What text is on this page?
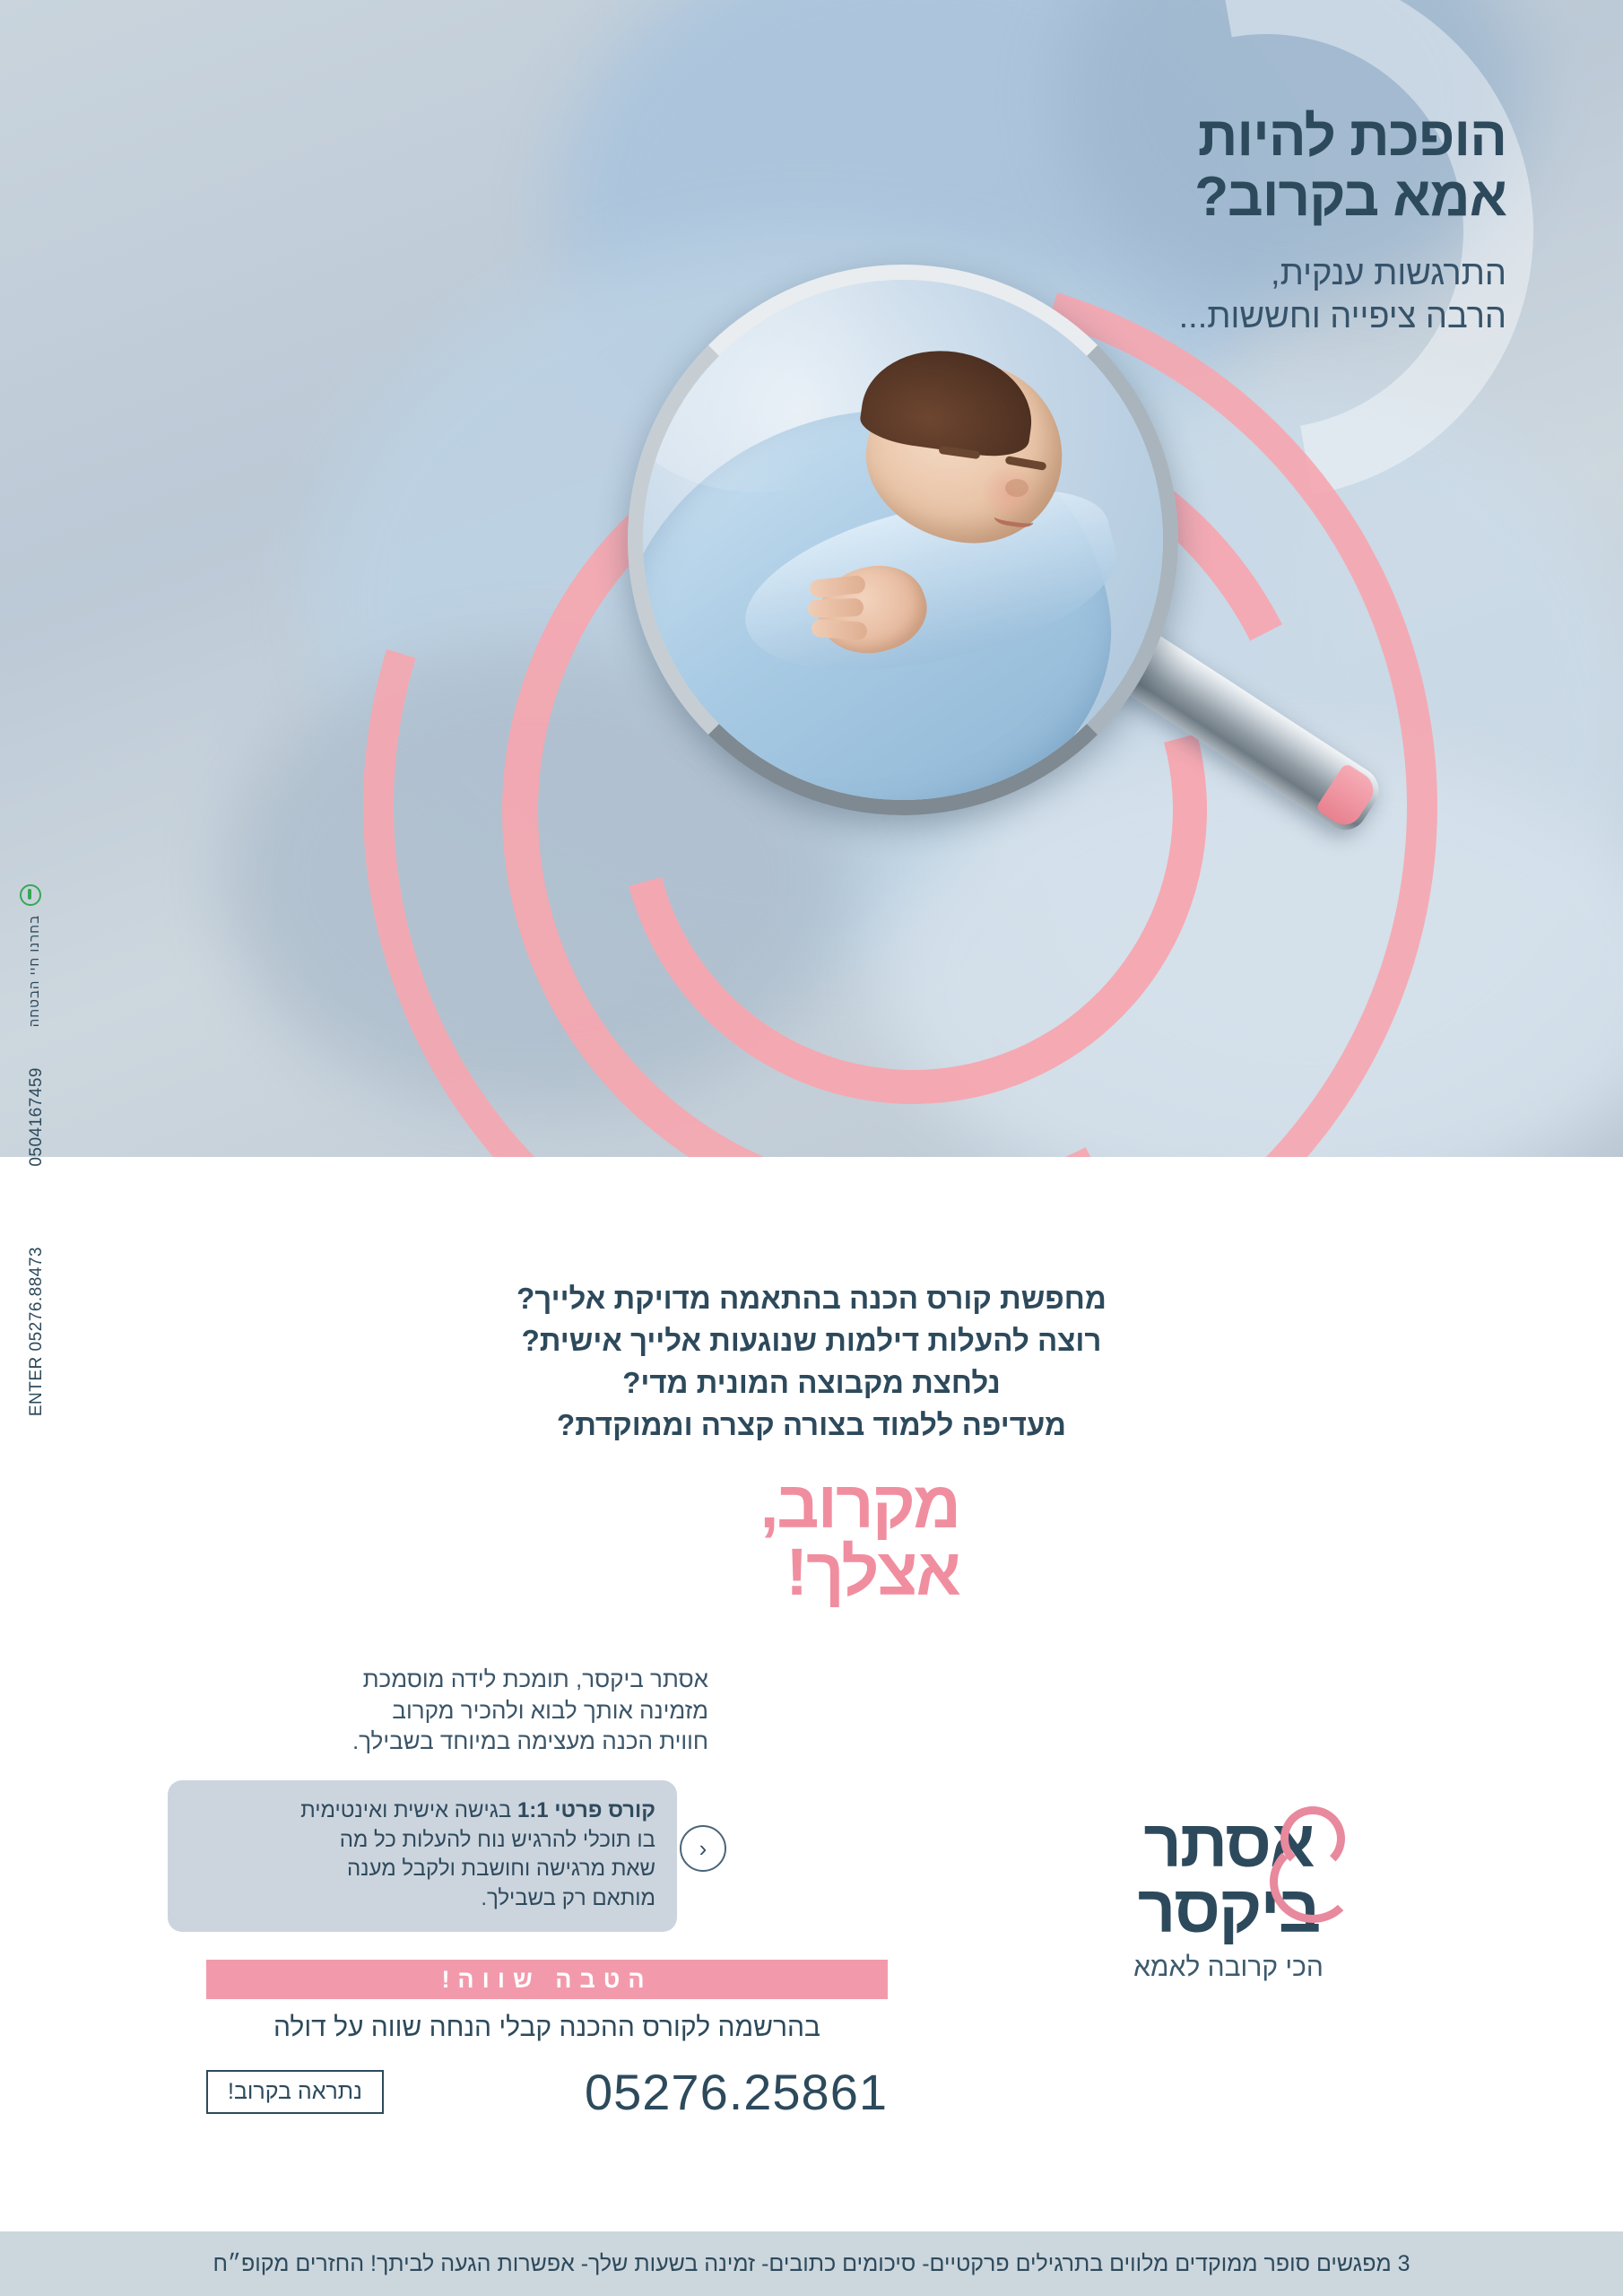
הופכת להיות
אמא בקרוב?
התרגשות ענקית,
הרבה ציפייה וחששות...
בחרנו חיי הבטחה
0504167459
ENTER 05276.88473	מחפשת קורס הכנה בהתאמה מדויקת אלייך?
רוצה להעלות דילמות שנוגעות אלייך אישית?
נלחצת מקבוצה המונית מדי?
מעדיפה ללמוד בצורה קצרה וממוקדת?
מקרוב,
אצלך!
אסתר ביקסר, תומכת לידה מוסמכת
מזמינה אותך לבוא ולהכיר מקרוב
חווית הכנה מעצימה במיוחד בשבילך.
קורס פרטי 1:1 בגישה אישית ואינטימית
בו תוכלי להרגיש נוח להעלות כל מה
שאת מרגישה וחושבת ולקבל מענה
מותאם רק בשבילך.
‹	אסתר
ביקסר
הכי קרובה לאמא
הטבה שווה!
בהרשמה לקורס ההכנה קבלי הנחה שווה על דולה
05276.25861
נתראה בקרוב!
3 מפגשים סופר ממוקדים מלווים בתרגילים פרקטיים- סיכומים כתובים- זמינה בשעות שלך- אפשרות הגעה לביתך! החזרים מקופ״ח
